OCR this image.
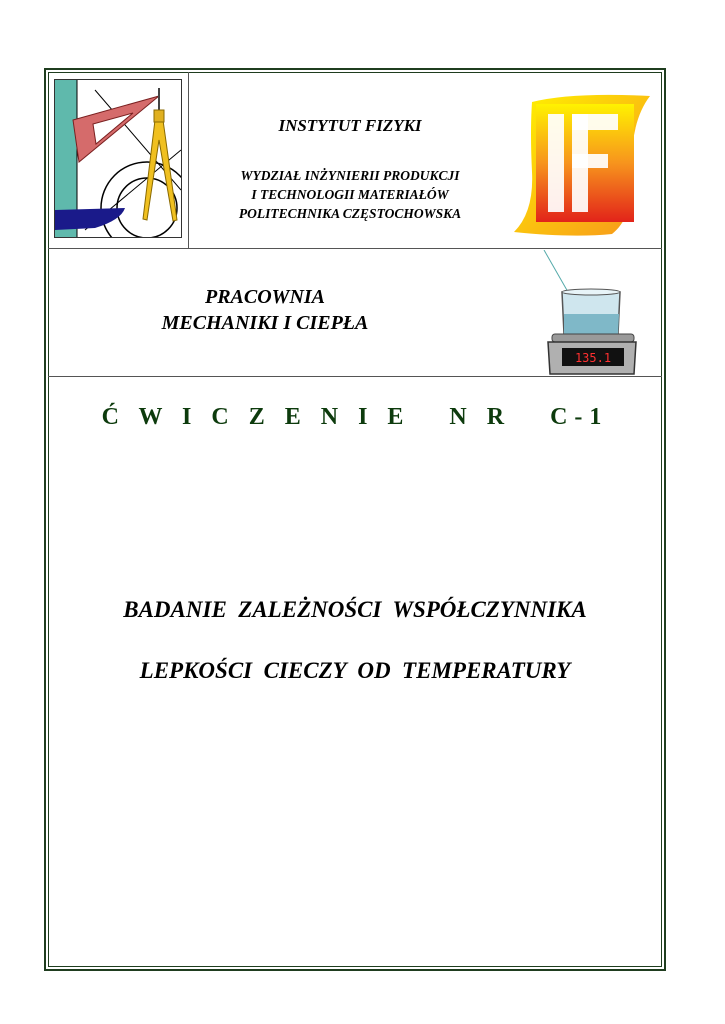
INSTYTUT FIZYKI
WYDZIAŁ INŻYNIERII PRODUKCJI
I TECHNOLOGII MATERIAŁÓW
POLITECHNIKA CZĘSTOCHOWSKA
IF
PRACOWNIA
MECHANIKI I CIEPŁA
135.1
Ć W I C Z E N I E   N R   C-1
BADANIE  ZALEŻNOŚCI  WSPÓŁCZYNNIKA
LEPKOŚCI  CIECZY  OD  TEMPERATURY
